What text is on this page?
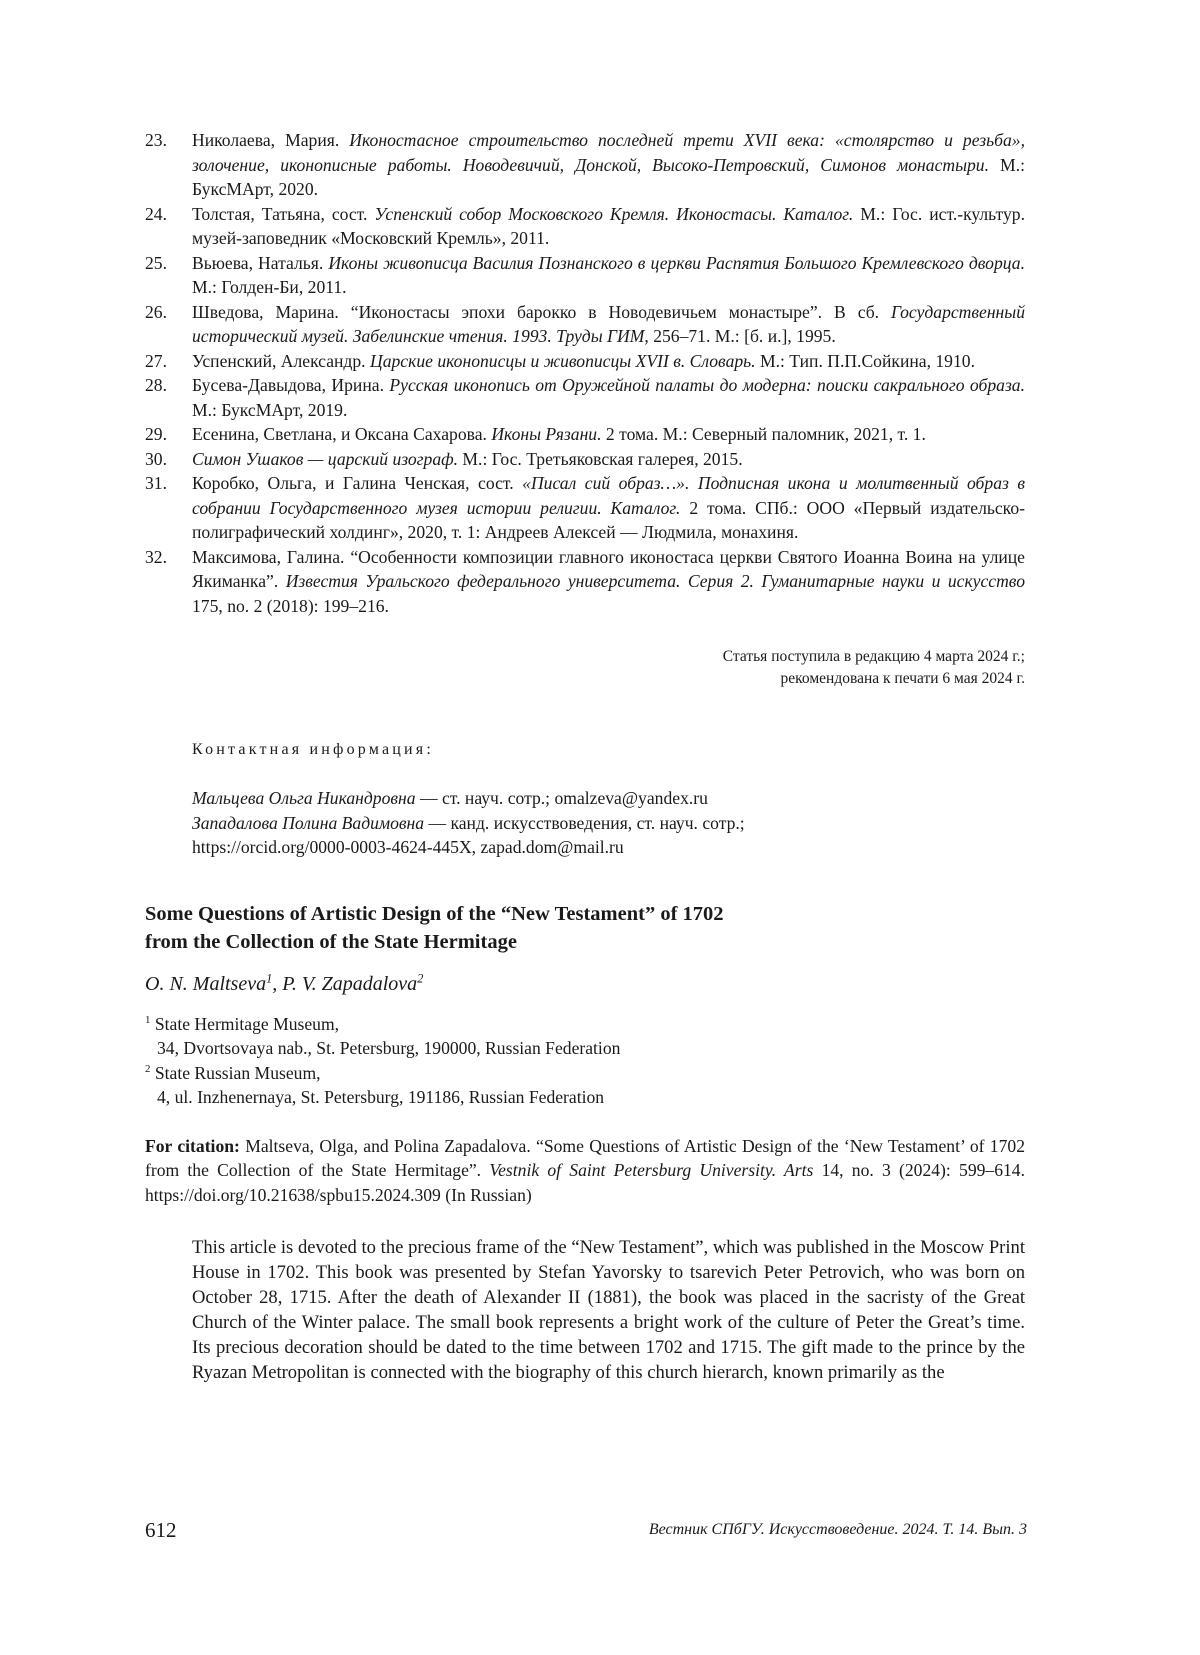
23. Николаева, Мария. Иконостасное строительство последней трети XVII века: «столярство и резьба», золочение, иконописные работы. Новодевичий, Донской, Высоко-Петровский, Симонов монастыри. М.: БуксМАрт, 2020.
24. Толстая, Татьяна, сост. Успенский собор Московского Кремля. Иконостасы. Каталог. М.: Гос. ист.-культур. музей-заповедник «Московский Кремль», 2011.
25. Вьюева, Наталья. Иконы живописца Василия Познанского в церкви Распятия Большого Кремлевского дворца. М.: Голден-Би, 2011.
26. Шведова, Марина. “Иконостасы эпохи барокко в Новодевичьем монастыре”. В сб. Государственный исторический музей. Забелинские чтения. 1993. Труды ГИМ, 256–71. М.: [б. и.], 1995.
27. Успенский, Александр. Царские иконописцы и живописцы XVII в. Словарь. М.: Тип. П.П.Сойкина, 1910.
28. Бусева-Давыдова, Ирина. Русская иконопись от Оружейной палаты до модерна: поиски сакрального образа. М.: БуксМАрт, 2019.
29. Есенина, Светлана, и Оксана Сахарова. Иконы Рязани. 2 тома. М.: Северный паломник, 2021, т. 1.
30. Симон Ушаков — царский изограф. М.: Гос. Третьяковская галерея, 2015.
31. Коробко, Ольга, и Галина Ченская, сост. «Писал сий образ…». Подписная икона и молитвенный образ в собрании Государственного музея истории религии. Каталог. 2 тома. СПб.: ООО «Первый издательско-полиграфический холдинг», 2020, т. 1: Андреев Алексей — Людмила, монахиня.
32. Максимова, Галина. “Особенности композиции главного иконостаса церкви Святого Иоанна Воина на улице Якиманка”. Известия Уральского федерального университета. Серия 2. Гуманитарные науки и искусство 175, no. 2 (2018): 199–216.
Статья поступила в редакцию 4 марта 2024 г.;
рекомендована к печати 6 мая 2024 г.
Контактная информация:
Мальцева Ольга Никандровна — ст. науч. сотр.; omalzeva@yandex.ru
Западалова Полина Вадимовна — канд. искусствоведения, ст. науч. сотр.;
https://orcid.org/0000-0003-4624-445X, zapad.dom@mail.ru
Some Questions of Artistic Design of the “New Testament” of 1702
from the Collection of the State Hermitage
O. N. Maltseva$^1$, P. V. Zapadalova$^2$
$^1$ State Hermitage Museum,
34, Dvortsovaya nab., St. Petersburg, 190000, Russian Federation
$^2$ State Russian Museum,
4, ul. Inzhenernaya, St. Petersburg, 191186, Russian Federation
For citation: Maltseva, Olga, and Polina Zapadalova. “Some Questions of Artistic Design of the ‘New Testament’ of 1702 from the Collection of the State Hermitage”. Vestnik of Saint Petersburg University. Arts 14, no. 3 (2024): 599–614. https://doi.org/10.21638/spbu15.2024.309 (In Russian)
This article is devoted to the precious frame of the “New Testament”, which was published in the Moscow Print House in 1702. This book was presented by Stefan Yavorsky to tsarevich Peter Petrovich, who was born on October 28, 1715. After the death of Alexander II (1881), the book was placed in the sacristy of the Great Church of the Winter palace. The small book represents a bright work of the culture of Peter the Great’s time. Its precious decoration should be dated to the time between 1702 and 1715. The gift made to the prince by the Ryazan Metropolitan is connected with the biography of this church hierarch, known primarily as the
612	Вестник СПбГУ. Искусствоведение. 2024. Т. 14. Вып. 3
